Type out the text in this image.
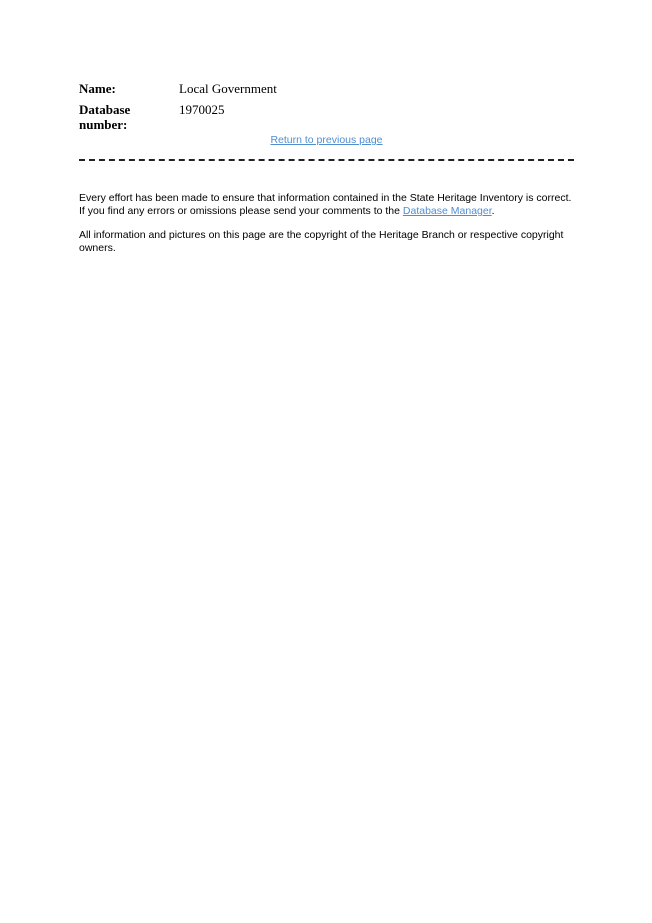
Name:	Local Government
Database
number:
1970025
Return to previous page

Every effort has been made to ensure that information contained in the State Heritage Inventory is correct. If you find any errors or omissions please send your comments to the Database Manager.

All information and pictures on this page are the copyright of the Heritage Branch or respective copyright owners.
